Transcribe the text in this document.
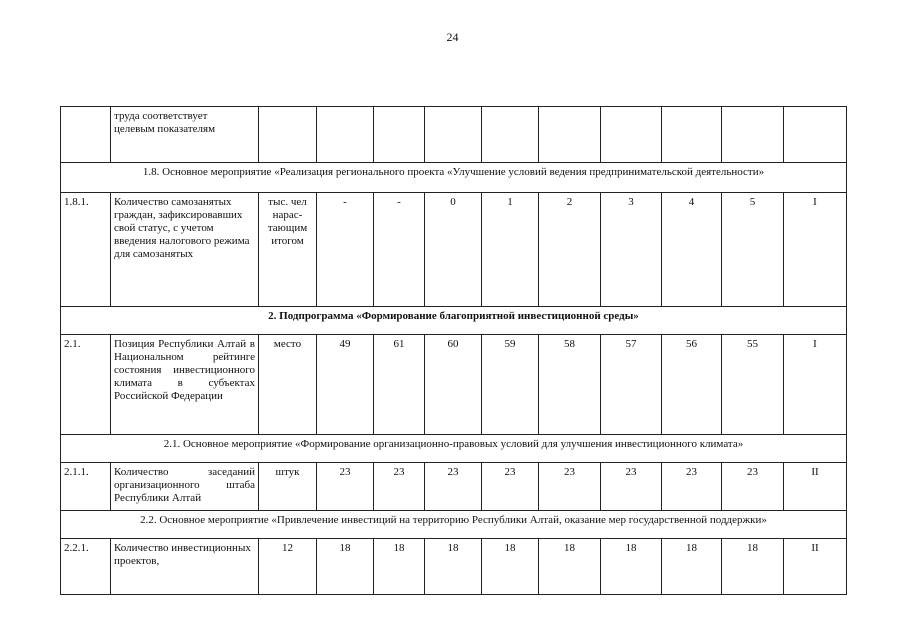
24
	труда соответствует
целевым показателям										
1.8. Основное мероприятие «Реализация регионального проекта «Улучшение условий ведения предпринимательской деятельности»											
1.8.1.	Количество самозанятых граждан, зафиксировавших свой статус, с учетом введения налогового режима для самозанятых	тыс. чел нарас-тающим итогом	-	-	0	1	2	3	4	5	I
2. Подпрограмма «Формирование благоприятной инвестиционной среды»											
2.1.	Позиция Республики Алтай в Национальном рейтинге состояния инвестиционного климата в субъектах Российской Федерации	место	49	61	60	59	58	57	56	55	I
2.1. Основное мероприятие «Формирование организационно-правовых условий для улучшения инвестиционного климата»											
2.1.1.	Количество заседаний организационного штаба Республики Алтай	штук	23	23	23	23	23	23	23	23	II
2.2. Основное мероприятие «Привлечение инвестиций на территорию Республики Алтай, оказание мер государственной поддержки»											
2.2.1.	Количество инвестиционных проектов,	12	18	18	18	18	18	18	18	18	II
